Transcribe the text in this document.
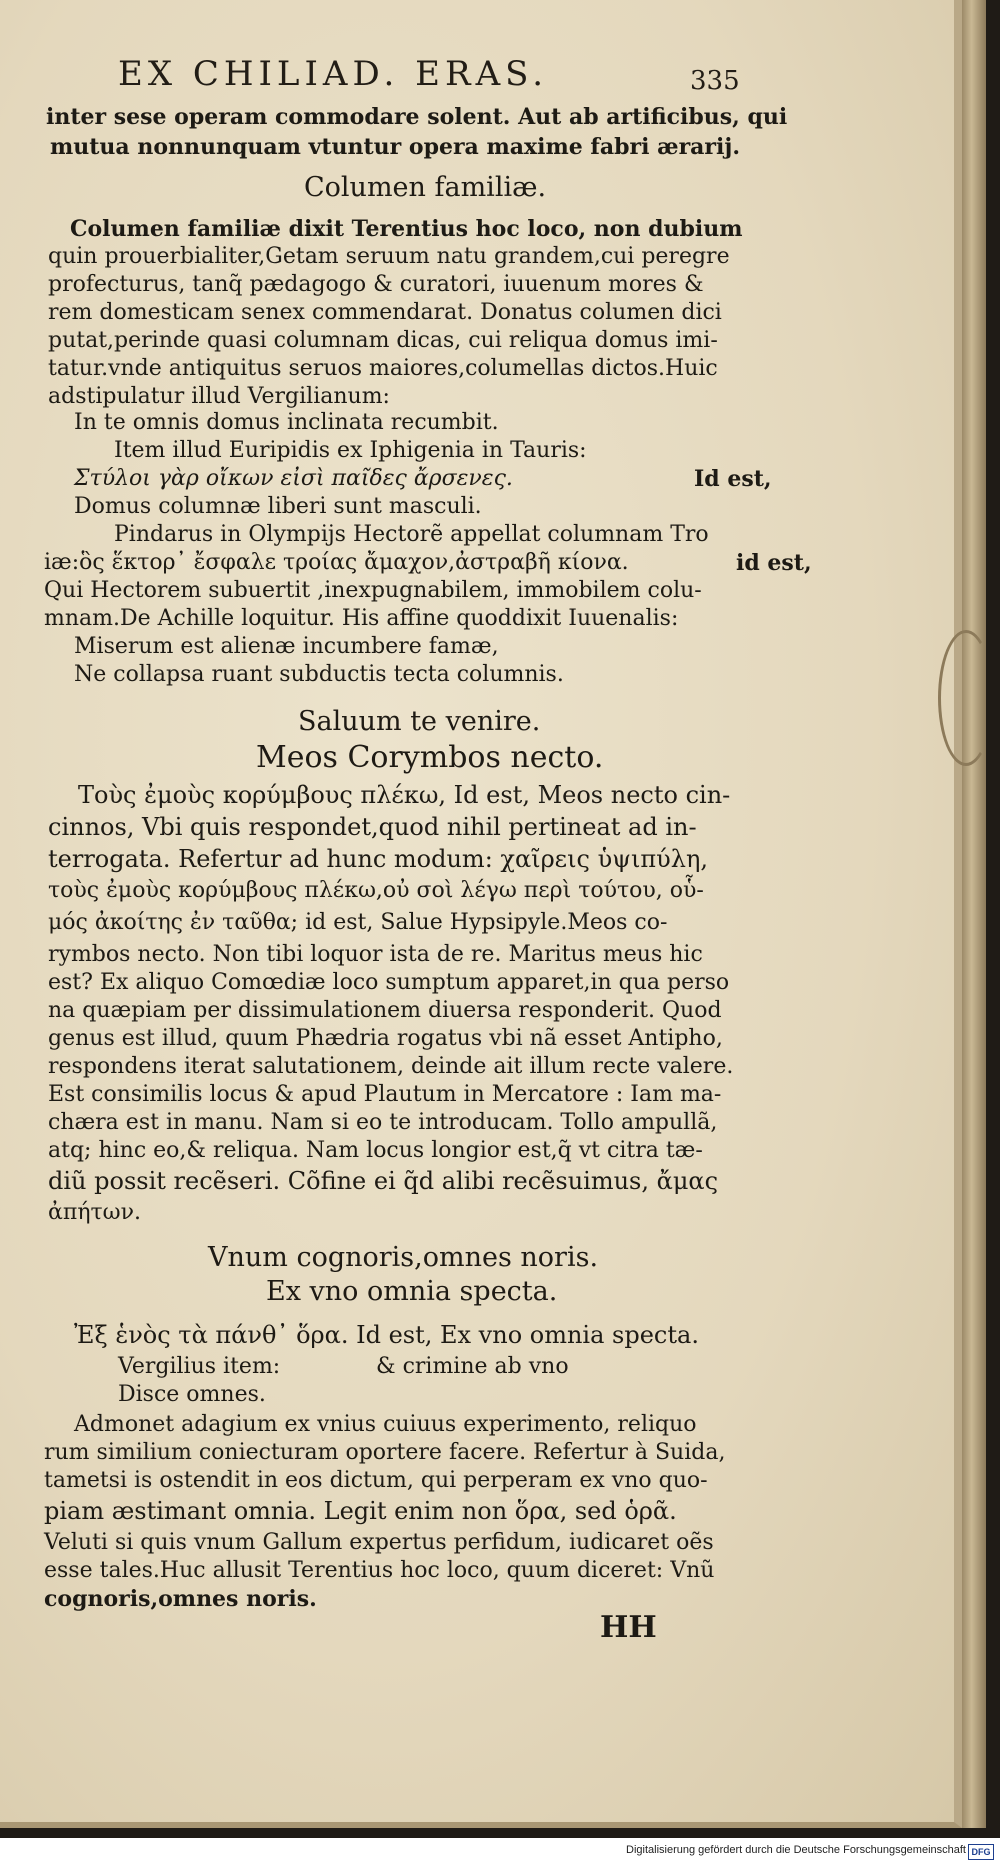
EX CHILIAD. ERAS.	335
inter sese operam commodare solent. Aut ab artificibus, qui
mutua nonnunquam vtuntur opera maxime fabri ærarij.
Columen familiæ.
Columen familiæ dixit Terentius hoc loco, non dubium
quin prouerbialiter,Getam seruum natu grandem,cui peregre
profecturus, tanq̃ pædagogo & curatori, iuuenum mores &
rem domesticam senex commendarat. Donatus columen dici
putat,perinde quasi columnam dicas, cui reliqua domus imi-
tatur.vnde antiquitus seruos maiores,columellas dictos.Huic
adstipulatur illud Vergilianum:
In te omnis domus inclinata recumbit.
Item illud Euripidis ex Iphigenia in Tauris:
Στύλοι γὰρ οἴκων εἰσὶ παῖδες ἄρσενες.	Id est,
Domus columnæ liberi sunt masculi.
Pindarus in Olympijs Hectorẽ appellat columnam Tro
iæ:ὃς ἕκτορ᾽ ἔσφαλε τροίας ἄμαχον,ἀστραβῆ κίονα.	id est,
Qui Hectorem subuertit ,inexpugnabilem, immobilem colu-
mnam.De Achille loquitur. His affine quoddixit Iuuenalis:
Miserum est alienæ incumbere famæ,
Ne collapsa ruant subductis tecta columnis.
Saluum te venire.
Meos Corymbos necto.
Τοὺς ἐμοὺς κορύμβους πλέκω, Id est, Meos necto cin-
cinnos, Vbi quis respondet,quod nihil pertineat ad in-
terrogata. Refertur ad hunc modum: χαῖρεις ὑψιπύλη,
τοὺς ἐμοὺς κορύμβους πλέκω,οὐ σοὶ λέγω περὶ τούτου, οὗ-
μός ἀκοίτης ἐν ταῦθα; id est, Salue Hypsipyle.Meos co-
rymbos necto. Non tibi loquor ista de re. Maritus meus hic
est? Ex aliquo Comœdiæ loco sumptum apparet,in qua perso
na quæpiam per dissimulationem diuersa responderit. Quod
genus est illud, quum Phædria rogatus vbi nã esset Antipho,
respondens iterat salutationem, deinde ait illum recte valere.
Est consimilis locus & apud Plautum in Mercatore : Iam ma-
chæra est in manu. Nam si eo te introducam. Tollo ampullã,
atq; hinc eo,& reliqua. Nam locus longior est,q̃ vt citra tæ-
diũ possit recẽseri. Cõfine ei q̃d alibi recẽsuimus, ἄμας
ἀπήτων.
Vnum cognoris,omnes noris.
Ex vno omnia specta.
Ἐξ ἑνὸς τὰ πάνθ᾽ ὅρα. Id est, Ex vno omnia specta.
Vergilius item:	& crimine ab vno
Disce omnes.
Admonet adagium ex vnius cuiuus experimento, reliquo
rum similium coniecturam oportere facere. Refertur à Suida,
tametsi is ostendit in eos dictum, qui perperam ex vno quo-
piam æstimant omnia. Legit enim non ὅρα, sed ὁρᾶ.
Veluti si quis vnum Gallum expertus perfidum, iudicaret oẽs
esse tales.Huc allusit Terentius hoc loco, quum diceret: Vnũ
cognoris,omnes noris.
HH
Digitalisierung gefördert durch die Deutsche Forschungsgemeinschaft DFG
